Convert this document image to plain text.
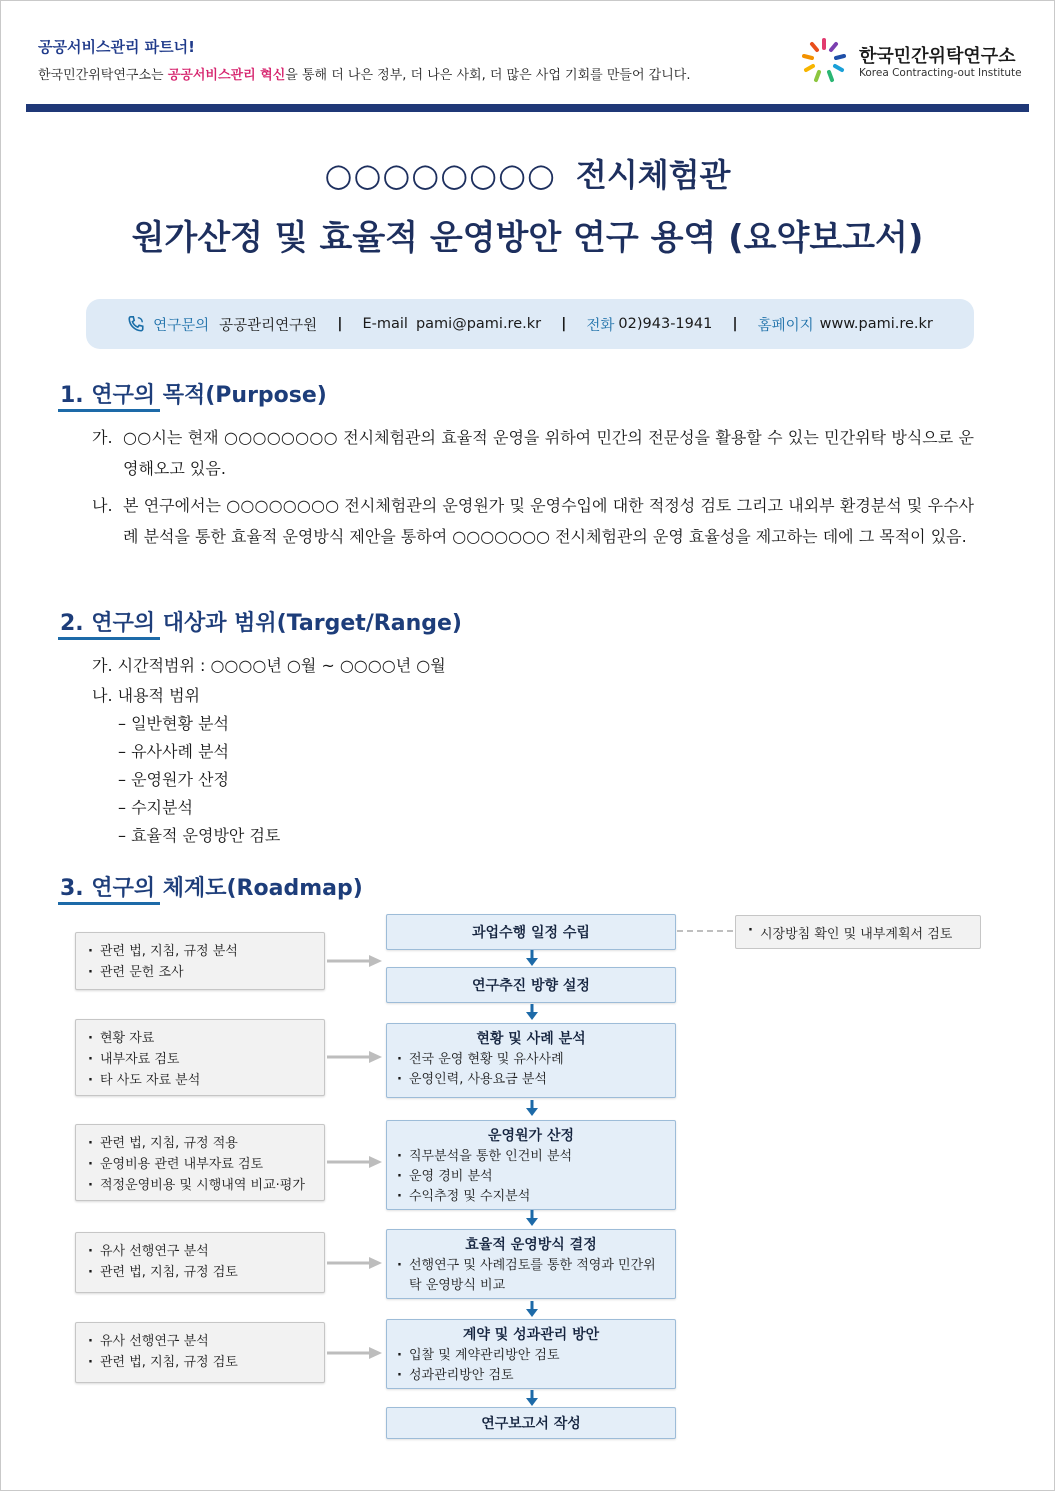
공공서비스관리 파트너!
한국민간위탁연구소는 공공서비스관리 혁신을 통해 더 나은 정부, 더 나은 사회, 더 많은 사업 기회를 만들어 갑니다.
한국민간위탁연구소
Korea Contracting-out Institute
○○○○○○○○ 전시체험관
원가산정 및 효율적 운영방안 연구 용역 (요약보고서)
연구문의 공공관리연구원 | E-mail pami@pami.re.kr | 전화 02)943-1941 | 홈페이지 www.pami.re.kr
1. 연구의 목적(Purpose)
가. ○○시는 현재 ○○○○○○○○ 전시체험관의 효율적 운영을 위하여 민간의 전문성을 활용할 수 있는 민간위탁 방식으로 운영해오고 있음.
나. 본 연구에서는 ○○○○○○○○ 전시체험관의 운영원가 및 운영수입에 대한 적정성 검토 그리고 내외부 환경분석 및 우수사례 분석을 통한 효율적 운영방식 제안을 통하여 ○○○○○○○ 전시체험관의 운영 효율성을 제고하는 데에 그 목적이 있음.
2. 연구의 대상과 범위(Target/Range)
가. 시간적범위 : ○○○○년 ○월 ~ ○○○○년 ○월
나. 내용적 범위
– 일반현황 분석
– 유사사례 분석
– 운영원가 산정
– 수지분석
– 효율적 운영방안 검토
3. 연구의 체계도(Roadmap)
과업수행 일정 수립
연구추진 방향 설정
현황 및 사례 분석
· 전국 운영 현황 및 유사사례
· 운영인력, 사용요금 분석
운영원가 산정
· 직무분석을 통한 인건비 분석
· 운영 경비 분석
· 수익추정 및 수지분석
효율적 운영방식 결정
· 선행연구 및 사례검토를 통한 적영과 민간위탁 운영방식 비교
계약 및 성과관리 방안
· 입찰 및 계약관리방안 검토
· 성과관리방안 검토
연구보고서 작성
· 관련 법, 지침, 규정 분석
· 관련 문헌 조사
· 현황 자료
· 내부자료 검토
· 타 사도 자료 분석
· 관련 법, 지침, 규정 적용
· 운영비용 관련 내부자료 검토
· 적정운영비용 및 시행내역 비교·평가
· 유사 선행연구 분석
· 관련 법, 지침, 규정 검토
· 유사 선행연구 분석
· 관련 법, 지침, 규정 검토
· 시장방침 확인 및 내부계획서 검토
